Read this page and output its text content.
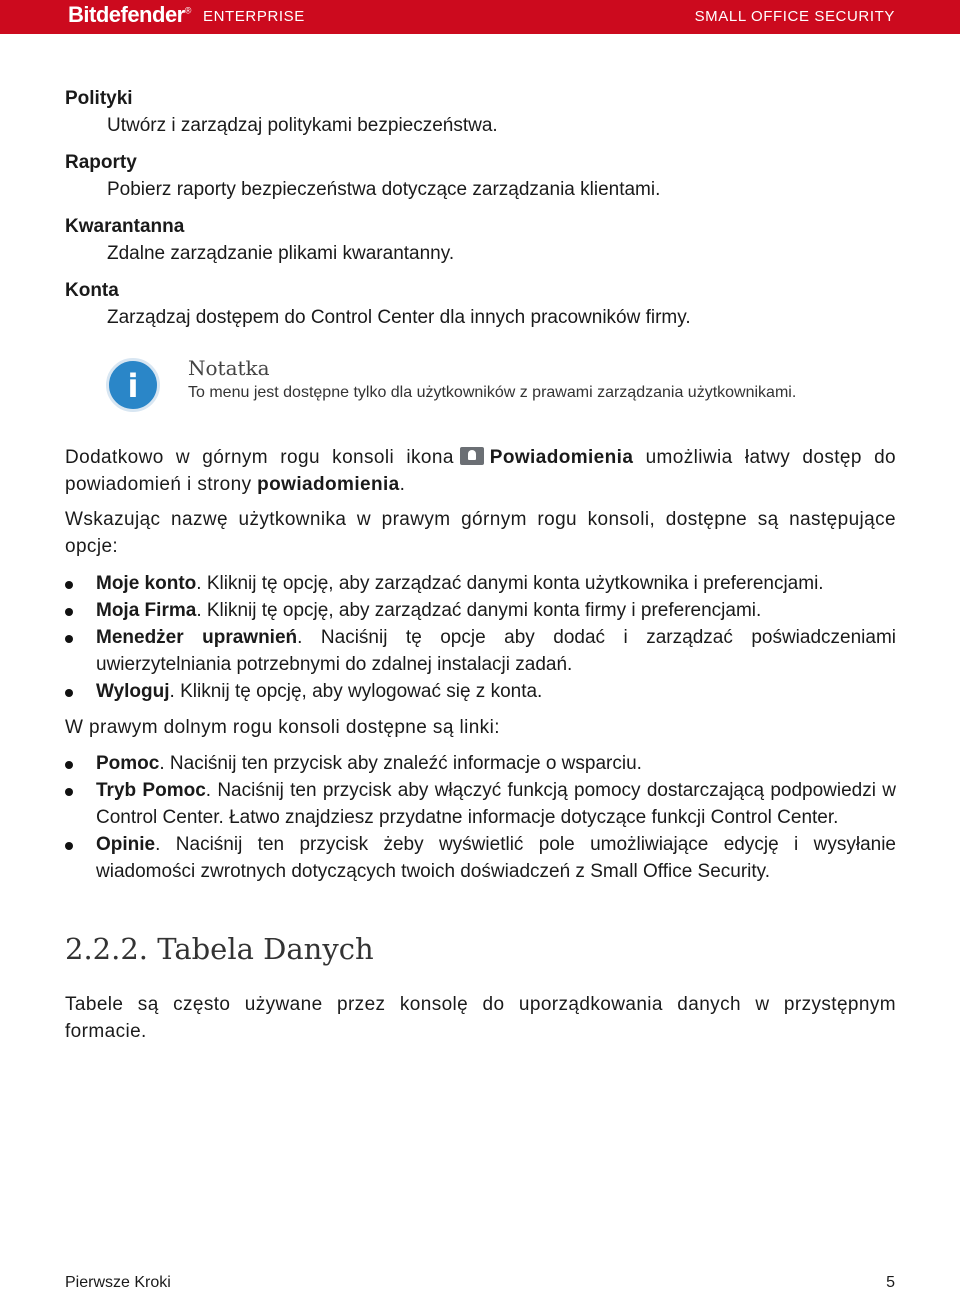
Bitdefender® ENTERPRISE	SMALL OFFICE SECURITY
Polityki
Utwórz i zarządzaj politykami bezpieczeństwa.
Raporty
Pobierz raporty bezpieczeństwa dotyczące zarządzania klientami.
Kwarantanna
Zdalne zarządzanie plikami kwarantanny.
Konta
Zarządzaj dostępem do Control Center dla innych pracowników firmy.
i	Notatka
To menu jest dostępne tylko dla użytkowników z prawami zarządzania użytkownikami.
Dodatkowo w górnym rogu konsoli ikona Powiadomienia umożliwia łatwy dostęp do powiadomień i strony powiadomienia.
Wskazując nazwę użytkownika w prawym górnym rogu konsoli, dostępne są następujące opcje:
Moje konto. Kliknij tę opcję, aby zarządzać danymi konta użytkownika i preferencjami.
Moja Firma. Kliknij tę opcję, aby zarządzać danymi konta firmy i preferencjami.
Menedżer uprawnień. Naciśnij tę opcje aby dodać i zarządzać poświadczeniami uwierzytelniania potrzebnymi do zdalnej instalacji zadań.
Wyloguj. Kliknij tę opcję, aby wylogować się z konta.
W prawym dolnym rogu konsoli dostępne są linki:
Pomoc. Naciśnij ten przycisk aby znaleźć informacje o wsparciu.
Tryb Pomoc. Naciśnij ten przycisk aby włączyć funkcją pomocy dostarczającą podpowiedzi w Control Center. Łatwo znajdziesz przydatne informacje dotyczące funkcji Control Center.
Opinie. Naciśnij ten przycisk żeby wyświetlić pole umożliwiające edycję i wysyłanie wiadomości zwrotnych dotyczących twoich doświadczeń z Small Office Security.
2.2.2. Tabela Danych
Tabele są często używane przez konsolę do uporządkowania danych w przystępnym formacie.
Pierwsze Kroki	5
